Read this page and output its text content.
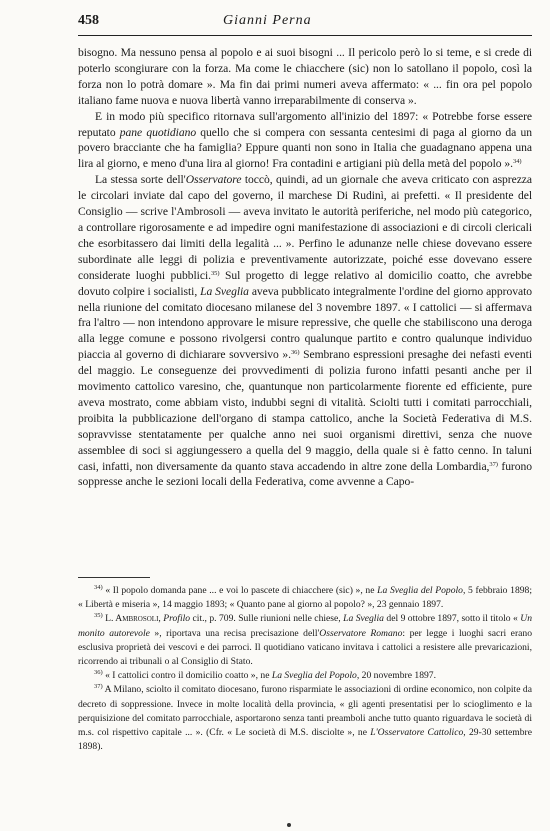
458	Gianni Perna

bisogno. Ma nessuno pensa al popolo e ai suoi bisogni ... Il pericolo però lo si teme, e si crede di poterlo scongiurare con la forza. Ma come le chiacchere (sic) non lo satollano il popolo, così la forza non lo potrà domare ». Ma fin dai primi numeri aveva affermato: « ... fin ora pel popolo italiano fame nuova e nuova libertà vanno irreparabilmente di conserva ».

E in modo più specifico ritornava sull'argomento all'inizio del 1897: « Potrebbe forse essere reputato pane quotidiano quello che si compera con sessanta centesimi di paga al giorno da un povero bracciante che ha famiglia? Eppure quanti non sono in Italia che guadagnano appena una lira al giorno, e meno d'una lira al giorno! Fra contadini e artigiani più della metà del popolo ».$^{34)}$

La stessa sorte dell'Osservatore toccò, quindi, ad un giornale che aveva criticato con asprezza le circolari inviate dal capo del governo, il marchese Di Rudinì, ai prefetti. « Il presidente del Consiglio — scrive l'Ambrosoli — aveva invitato le autorità periferiche, nel modo più categorico, a controllare rigorosamente e ad impedire ogni manifestazione di associazioni e di circoli clericali che esorbitassero dai limiti della legalità ... ». Perfino le adunanze nelle chiese dovevano essere subordinate alle leggi di polizia e preventivamente autorizzate, poiché esse dovevano essere considerate luoghi pubblici.$^{35)}$ Sul progetto di legge relativo al domicilio coatto, che avrebbe dovuto colpire i socialisti, La Sveglia aveva pubblicato integralmente l'ordine del giorno approvato nella riunione del comitato diocesano milanese del 3 novembre 1897. « I cattolici — si affermava fra l'altro — non intendono approvare le misure repressive, che quelle che stabiliscono una deroga alla legge comune e possono rivolgersi contro qualunque partito e contro qualunque individuo piaccia al governo di dichiarare sovversivo ».$^{36)}$ Sembrano espressioni presaghe dei nefasti eventi del maggio. Le conseguenze dei provvedimenti di polizia furono infatti pesanti anche per il movimento cattolico varesino, che, quantunque non particolarmente fiorente ed efficiente, pure aveva mostrato, come abbiam visto, indubbi segni di vitalità. Sciolti tutti i comitati parrocchiali, proibita la pubblicazione dell'organo di stampa cattolico, anche la Società Federativa di M.S. sopravvisse stentatamente per qualche anno nei suoi organismi direttivi, senza che nuove assemblee di soci si aggiungessero a quella del 9 maggio, della quale si è fatto cenno. In taluni casi, infatti, non diversamente da quanto stava accadendo in altre zone della Lombardia,$^{37)}$ furono soppresse anche le sezioni locali della Federativa, come avvenne a Capo-

$^{34)}$ « Il popolo domanda pane ... e voi lo pascete di chiacchere (sic) », ne La Sveglia del Popolo, 5 febbraio 1898; « Libertà e miseria », 14 maggio 1893; « Quanto pane al giorno al popolo? », 23 gennaio 1897.

$^{35)}$ L. Ambrosoli, Profilo cit., p. 709. Sulle riunioni nelle chiese, La Sveglia del 9 ottobre 1897, sotto il titolo « Un monito autorevole », riportava una recisa precisazione dell'Osservatore Romano: per legge i luoghi sacri erano esclusiva proprietà dei vescovi e dei parroci. Il quotidiano vaticano invitava i cattolici a resistere alle prevaricazioni, ricorrendo ai tribunali o al Consiglio di Stato.

$^{36)}$ « I cattolici contro il domicilio coatto », ne La Sveglia del Popolo, 20 novembre 1897.

$^{37)}$ A Milano, sciolto il comitato diocesano, furono risparmiate le associazioni di ordine economico, non colpite da decreto di soppressione. Invece in molte località della provincia, « gli agenti presentatisi per lo scioglimento e la perquisizione del comitato parrocchiale, asportarono senza tanti preamboli anche tutto quanto riguardava le società di m.s. col rispettivo capitale ... ». (Cfr. « Le società di M.S. disciolte », ne L'Osservatore Cattolico, 29-30 settembre 1898).
